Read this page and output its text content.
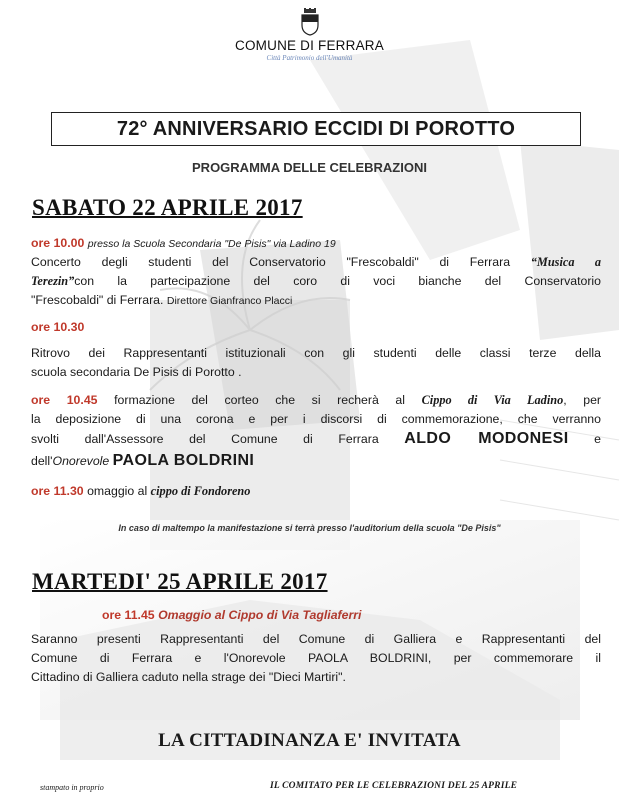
COMUNE DI FERRARA
Città Patrimonio dell'Umanità
72° ANNIVERSARIO ECCIDI DI POROTTO
PROGRAMMA DELLE CELEBRAZIONI
SABATO 22 APRILE 2017
ore 10.00 presso la Scuola Secondaria "De Pisis" via Ladino 19
Concerto degli studenti del Conservatorio "Frescobaldi" di Ferrara “Musica a
Terezin”con la partecipazione del coro di voci bianche del Conservatorio
"Frescobaldi" di Ferrara. Direttore Gianfranco Placci
ore 10.30
Ritrovo dei Rappresentanti istituzionali con gli studenti delle classi terze della
scuola secondaria De Pisis di Porotto .
ore 10.45 formazione del corteo che si recherà al Cippo di Via Ladino, per
la deposizione di una corona e per i discorsi di commemorazione, che verranno
svolti dall'Assessore del Comune di Ferrara ALDO MODONESI e
dell'Onorevole PAOLA BOLDRINI
ore 11.30 omaggio al cippo di Fondoreno
In caso di maltempo la manifestazione si terrà presso l'auditorium della scuola "De Pisis"
MARTEDI' 25 APRILE 2017
ore 11.45 Omaggio al Cippo di Via Tagliaferri
Saranno presenti Rappresentanti del Comune di Galliera e Rappresentanti del
Comune di Ferrara e l'Onorevole PAOLA BOLDRINI, per commemorare il
Cittadino di Galliera caduto nella strage dei "Dieci Martiri".
LA CITTADINANZA E' INVITATA
stampato in proprio	IL COMITATO PER LE CELEBRAZIONI DEL 25 APRILE
